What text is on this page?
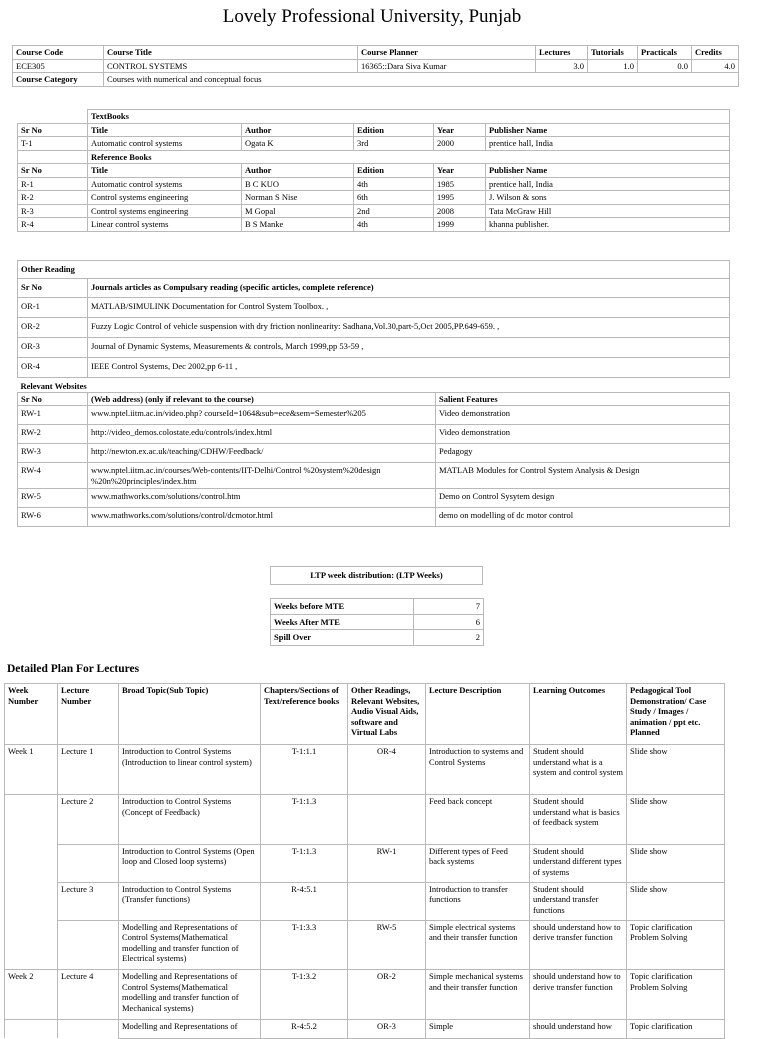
Lovely Professional University, Punjab
Course Code	Course Title	Course Planner	Lectures	Tutorials	Practicals	Credits
ECE305	CONTROL SYSTEMS	16365::Dara Siva Kumar	3.0	1.0	0.0	4.0
Course Category	Courses with numerical and conceptual focus					
	TextBooks				
Sr No	Title	Author	Edition	Year	Publisher Name
T-1	Automatic control systems	Ogata K	3rd	2000	prentice hall, India
	Reference Books				
Sr No	Title	Author	Edition	Year	Publisher Name
R-1	Automatic control systems	B C KUO	4th	1985	prentice hall, India
R-2	Control systems engineering	Norman S Nise	6th	1995	J. Wilson & sons
R-3	Control systems engineering	M Gopal	2nd	2008	Tata McGraw Hill
R-4	Linear control systems	B S Manke	4th	1999	khanna publisher.
Other Reading	
Sr No	Journals articles as Compulsary reading (specific articles, complete reference)
OR-1	MATLAB/SIMULINK Documentation for Control System Toolbox. ,
OR-2	Fuzzy Logic Control of vehicle suspension with dry friction nonlinearity: Sadhana,Vol.30,part-5,Oct 2005,PP.649-659. ,
OR-3	Journal of Dynamic Systems, Measurements & controls, March 1999,pp 53-59 ,
OR-4	IEEE Control Systems, Dec 2002,pp 6-11 ,
Relevant Websites		
Sr No	(Web address) (only if relevant to the course)	Salient Features
RW-1	www.nptel.iitm.ac.in/video.php? courseId=1064&sub=ece&sem=Semester%205	Video demonstration
RW-2	http://video_demos.colostate.edu/controls/index.html	Video demonstration
RW-3	http://newton.ex.ac.uk/teaching/CDHW/Feedback/	Pedagogy
RW-4	www.nptel.iitm.ac.in/courses/Web-contents/IIT-Delhi/Control %20system%20design %20n%20principles/index.htm	MATLAB Modules for Control System Analysis & Design
RW-5	www.mathworks.com/solutions/control.htm	Demo on Control Sysytem design
RW-6	www.mathworks.com/solutions/control/dcmotor.html	demo on modelling of dc motor control
LTP week distribution: (LTP Weeks)
Weeks before MTE	7
Weeks After MTE	6
Spill Over	2
Detailed Plan For Lectures
Week Number	Lecture Number	Broad Topic(Sub Topic)	Chapters/Sections of Text/reference books	Other Readings, Relevant Websites, Audio Visual Aids, software and Virtual Labs	Lecture Description	Learning Outcomes	Pedagogical Tool Demonstration/ Case Study / Images / animation / ppt etc. Planned
Week 1	Lecture 1	Introduction to Control Systems (Introduction to linear control system)	T-1:1.1	OR-4	Introduction to systems and Control Systems	Student should understand what is a system and control system	Slide show
	Lecture 2	Introduction to Control Systems (Concept of Feedback)	T-1:1.3		Feed back concept	Student should understand what is basics of feedback system	Slide show
		Introduction to Control Systems (Open loop and Closed loop systems)	T-1:1.3	RW-1	Different types of Feed back systems	Student should understand different types of systems	Slide show
	Lecture 3	Introduction to Control Systems (Transfer functions)	R-4:5.1		Introduction to transfer functions	Student should understand transfer functions	Slide show
		Modelling and Representations of Control Systems(Mathematical modelling and transfer function of Electrical systems)	T-1:3.3	RW-5	Simple electrical systems and their transfer function	should understand how to derive transfer function	Topic clarification Problem Solving
Week 2	Lecture 4	Modelling and Representations of Control Systems(Mathematical modelling and transfer function of Mechanical systems)	T-1:3.2	OR-2	Simple mechanical systems and their transfer function	should understand how to derive transfer function	Topic clarification Problem Solving
		Modelling and Representations of	R-4:5.2	OR-3	Simple	should understand how	Topic clarification
